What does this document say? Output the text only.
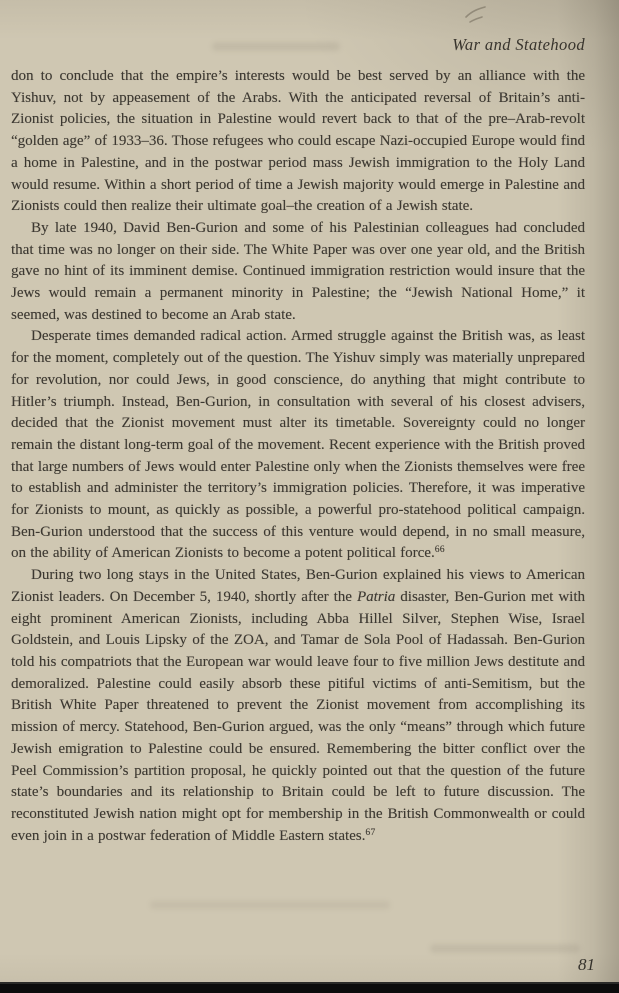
War and Statehood

don to conclude that the empire’s interests would be best served by an alliance with the Yishuv, not by appeasement of the Arabs. With the anticipated reversal of Britain’s anti-Zionist policies, the situation in Palestine would revert back to that of the pre–Arab-revolt “golden age” of 1933–36. Those refugees who could escape Nazi-occupied Europe would find a home in Palestine, and in the postwar period mass Jewish immigration to the Holy Land would resume. Within a short period of time a Jewish majority would emerge in Palestine and Zionists could then realize their ultimate goal–the creation of a Jewish state.

By late 1940, David Ben-Gurion and some of his Palestinian colleagues had concluded that time was no longer on their side. The White Paper was over one year old, and the British gave no hint of its imminent demise. Continued immigration restriction would insure that the Jews would remain a permanent minority in Palestine; the “Jewish National Home,” it seemed, was destined to become an Arab state.

Desperate times demanded radical action. Armed struggle against the British was, as least for the moment, completely out of the question. The Yishuv simply was materially unprepared for revolution, nor could Jews, in good conscience, do anything that might contribute to Hitler’s triumph. Instead, Ben-Gurion, in consultation with several of his closest advisers, decided that the Zionist movement must alter its timetable. Sovereignty could no longer remain the distant long-term goal of the movement. Recent experience with the British proved that large numbers of Jews would enter Palestine only when the Zionists themselves were free to establish and administer the territory’s immigration policies. Therefore, it was imperative for Zionists to mount, as quickly as possible, a powerful pro-statehood political campaign. Ben-Gurion understood that the success of this venture would depend, in no small measure, on the ability of American Zionists to become a potent political force.$^{66}$

During two long stays in the United States, Ben-Gurion explained his views to American Zionist leaders. On December 5, 1940, shortly after the Patria disaster, Ben-Gurion met with eight prominent American Zionists, including Abba Hillel Silver, Stephen Wise, Israel Goldstein, and Louis Lipsky of the ZOA, and Tamar de Sola Pool of Hadassah. Ben-Gurion told his compatriots that the European war would leave four to five million Jews destitute and demoralized. Palestine could easily absorb these pitiful victims of anti-Semitism, but the British White Paper threatened to prevent the Zionist movement from accomplishing its mission of mercy. Statehood, Ben-Gurion argued, was the only “means” through which future Jewish emigration to Palestine could be ensured. Remembering the bitter conflict over the Peel Commission’s partition proposal, he quickly pointed out that the question of the future state’s boundaries and its relationship to Britain could be left to future discussion. The reconstituted Jewish nation might opt for membership in the British Commonwealth or could even join in a postwar federation of Middle Eastern states.$^{67}$

81
